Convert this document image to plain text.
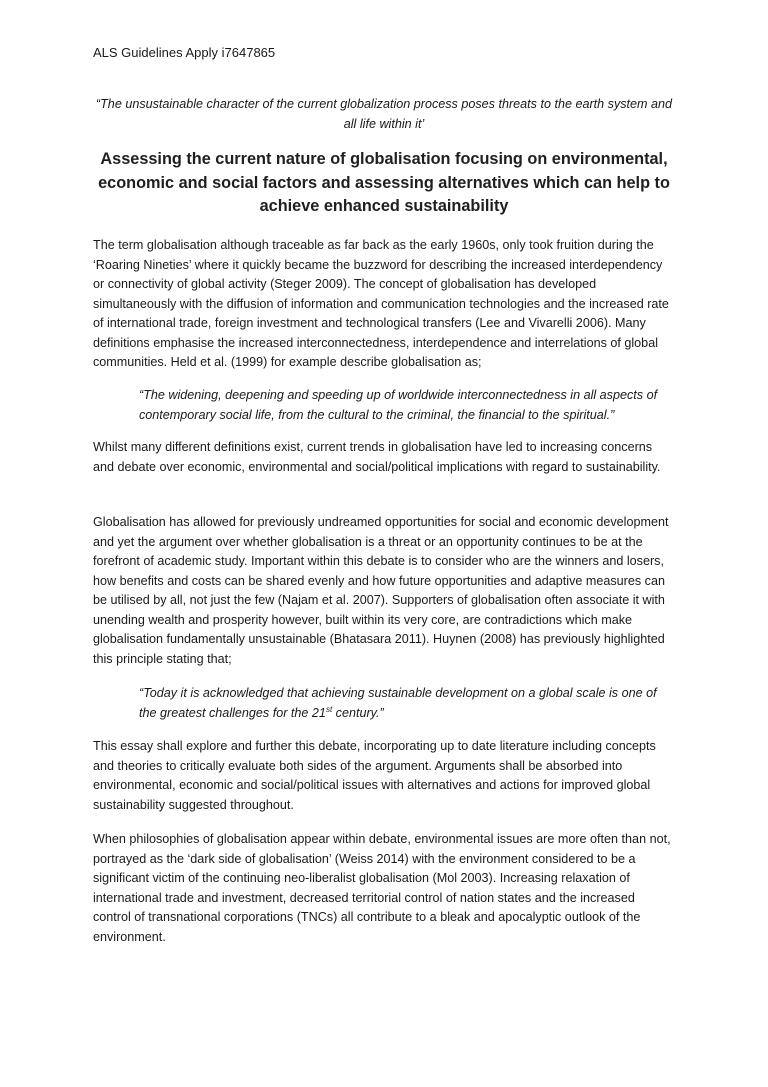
ALS Guidelines Apply i7647865
“The unsustainable character of the current globalization process poses threats to the earth system and all life within it’
Assessing the current nature of globalisation focusing on environmental, economic and social factors and assessing alternatives which can help to achieve enhanced sustainability

The term globalisation although traceable as far back as the early 1960s, only took fruition during the ‘Roaring Nineties’ where it quickly became the buzzword for describing the increased interdependency or connectivity of global activity (Steger 2009). The concept of globalisation has developed simultaneously with the diffusion of information and communication technologies and the increased rate of international trade, foreign investment and technological transfers (Lee and Vivarelli 2006). Many definitions emphasise the increased interconnectedness, interdependence and interrelations of global communities. Held et al. (1999) for example describe globalisation as;

“The widening, deepening and speeding up of worldwide interconnectedness in all aspects of contemporary social life, from the cultural to the criminal, the financial to the spiritual.”

Whilst many different definitions exist, current trends in globalisation have led to increasing concerns and debate over economic, environmental and social/political implications with regard to sustainability.

Globalisation has allowed for previously undreamed opportunities for social and economic development and yet the argument over whether globalisation is a threat or an opportunity continues to be at the forefront of academic study. Important within this debate is to consider who are the winners and losers, how benefits and costs can be shared evenly and how future opportunities and adaptive measures can be utilised by all, not just the few (Najam et al. 2007). Supporters of globalisation often associate it with unending wealth and prosperity however, built within its very core, are contradictions which make globalisation fundamentally unsustainable (Bhatasara 2011). Huynen (2008) has previously highlighted this principle stating that;

“Today it is acknowledged that achieving sustainable development on a global scale is one of the greatest challenges for the 21st century.”

This essay shall explore and further this debate, incorporating up to date literature including concepts and theories to critically evaluate both sides of the argument. Arguments shall be absorbed into environmental, economic and social/political issues with alternatives and actions for improved global sustainability suggested throughout.

When philosophies of globalisation appear within debate, environmental issues are more often than not, portrayed as the ‘dark side of globalisation’ (Weiss 2014) with the environment considered to be a significant victim of the continuing neo-liberalist globalisation (Mol 2003). Increasing relaxation of international trade and investment, decreased territorial control of nation states and the increased control of transnational corporations (TNCs) all contribute to a bleak and apocalyptic outlook of the environment.
